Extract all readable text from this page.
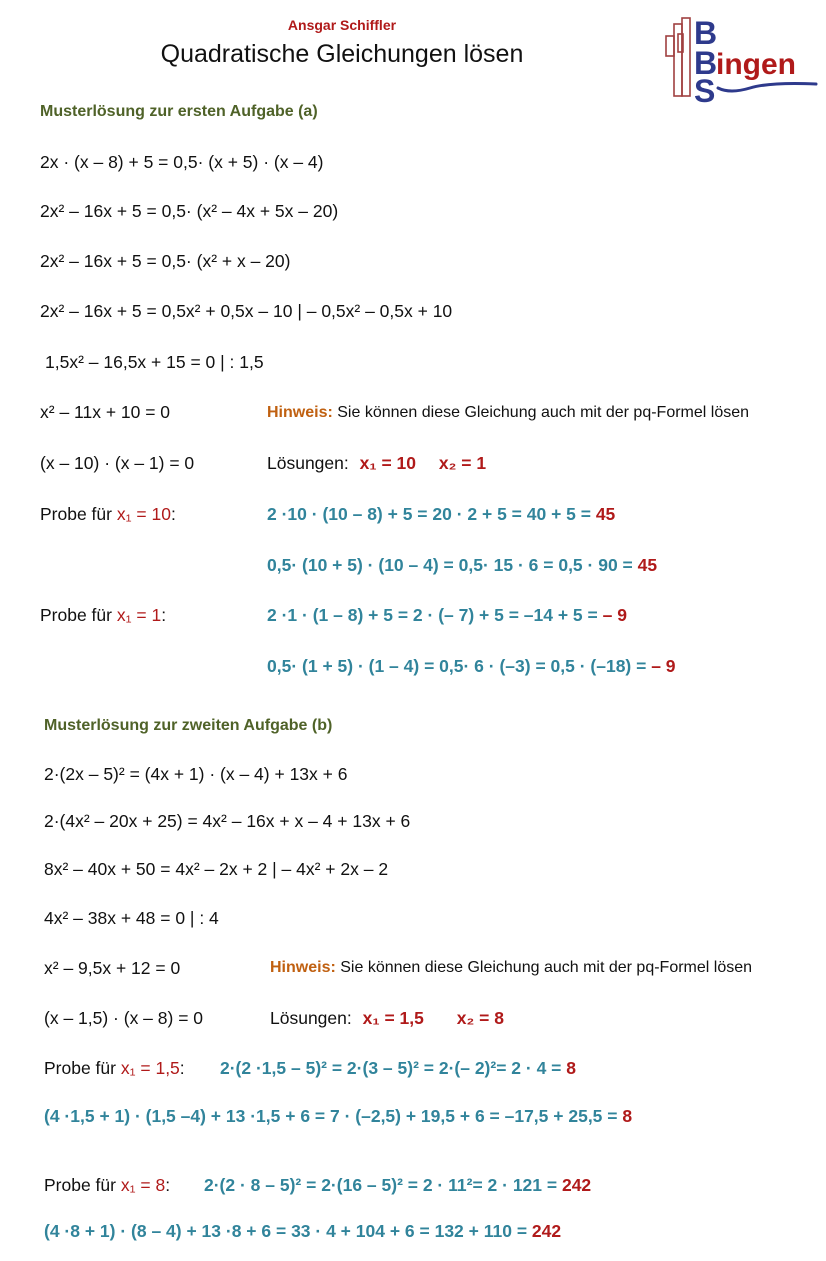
Ansgar Schiffler
Quadratische Gleichungen lösen
B
B
ingen
S
Musterlösung zur ersten Aufgabe (a)
2x · (x – 8) + 5 = 0,5· (x + 5) · (x – 4)
2x² – 16x + 5 = 0,5· (x² – 4x + 5x – 20)
2x² – 16x + 5 = 0,5· (x² + x – 20)
2x² – 16x + 5 = 0,5x² + 0,5x – 10 | – 0,5x² – 0,5x + 10
1,5x² – 16,5x + 15 = 0 | : 1,5
x² – 11x + 10 = 0
(x – 10) · (x – 1) = 0
Hinweis: Sie können diese Gleichung auch mit der pq-Formel lösen
Lösungen: x₁ = 10 x₂ = 1
Probe für x₁ = 10:	2 ·10 · (10 – 8) + 5 = 20 · 2 + 5 = 40 + 5 = 45
0,5· (10 + 5) · (10 – 4) = 0,5· 15 · 6 = 0,5 · 90 = 45
Probe für x₁ = 1:	2 ·1 · (1 – 8) + 5 = 2 · (– 7) + 5 = –14 + 5 = – 9
0,5· (1 + 5) · (1 – 4) = 0,5· 6 · (–3) = 0,5 · (–18) = – 9
Musterlösung zur zweiten Aufgabe (b)
2·(2x – 5)² = (4x + 1) · (x – 4) + 13x + 6
2·(4x² – 20x + 25) = 4x² – 16x + x – 4 + 13x + 6
8x² – 40x + 50 = 4x² – 2x + 2 | – 4x² + 2x – 2
4x² – 38x + 48 = 0 | : 4
x² – 9,5x + 12 = 0
(x – 1,5) · (x – 8) = 0
Hinweis: Sie können diese Gleichung auch mit der pq-Formel lösen
Lösungen: x₁ = 1,5 x₂ = 8
Probe für x₁ = 1,5: 2·(2 ·1,5 – 5)² = 2·(3 – 5)² = 2·(– 2)²= 2 · 4 = 8
(4 ·1,5 + 1) · (1,5 –4) + 13 ·1,5 + 6 = 7 · (–2,5) + 19,5 + 6 = –17,5 + 25,5 = 8
Probe für x₁ = 8: 2·(2 · 8 – 5)² = 2·(16 – 5)² = 2 · 11²= 2 · 121 = 242
(4 ·8 + 1) · (8 – 4) + 13 ·8 + 6 = 33 · 4 + 104 + 6 = 132 + 110 = 242
